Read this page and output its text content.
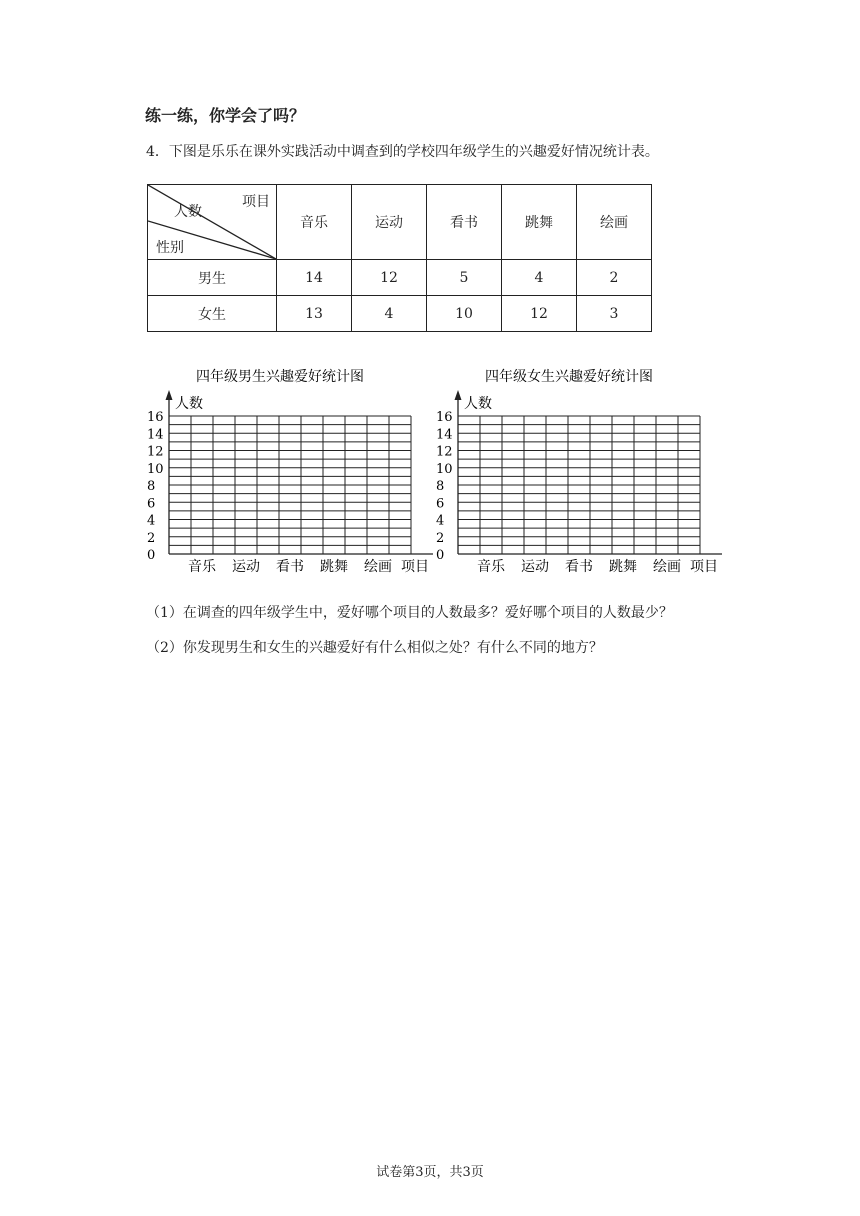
练一练，你学会了吗？

4．下图是乐乐在课外实践活动中调查到的学校四年级学生的兴趣爱好情况统计表。

项目
人数
性别	音乐	运动	看书	跳舞	绘画
男生	14	12	5	4	2
女生	13	4	10	12	3
四年级男生兴趣爱好统计图
人数
0
2
4
6
8
10
12
14
16
音乐 运动 看书 跳舞 绘画 项目
四年级女生兴趣爱好统计图
人数
0
2
4
6
8
10
12
14
16
音乐 运动 看书 跳舞 绘画 项目

（1）在调查的四年级学生中，爱好哪个项目的人数最多？爱好哪个项目的人数最少？

（2）你发现男生和女生的兴趣爱好有什么相似之处？有什么不同的地方？

试卷第3页，共3页
